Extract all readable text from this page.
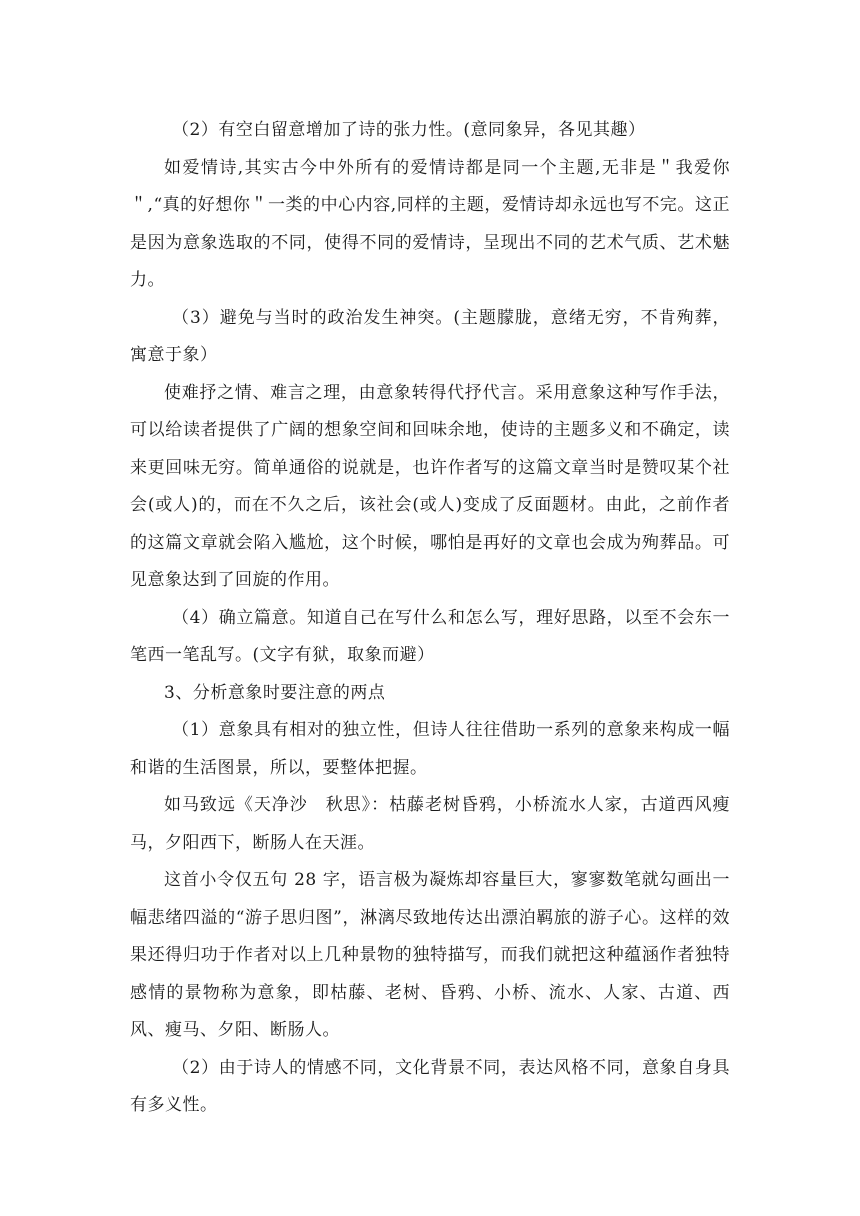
（2）有空白留意增加了诗的张力性。(意同象异，各见其趣）

如爱情诗,其实古今中外所有的爱情诗都是同一个主题,无非是＂我爱你＂,“真的好想你＂一类的中心内容,同样的主题，爱情诗却永远也写不完。这正是因为意象选取的不同，使得不同的爱情诗，呈现出不同的艺术气质、艺术魅力。

（3）避免与当时的政治发生神突。(主题朦胧，意绪无穷，不肯殉葬，寓意于象）

使难抒之情、难言之理，由意象转得代抒代言。采用意象这种写作手法，可以给读者提供了广阔的想象空间和回味余地，使诗的主题多义和不确定，读来更回味无穷。简单通俗的说就是，也许作者写的这篇文章当时是赞叹某个社会(或人)的，而在不久之后，该社会(或人)变成了反面题材。由此，之前作者的这篇文章就会陷入尴尬，这个时候，哪怕是再好的文章也会成为殉葬品。可见意象达到了回旋的作用。

（4）确立篇意。知道自己在写什么和怎么写，理好思路，以至不会东一笔西一笔乱写。(文字有狱，取象而避）

3、分析意象时要注意的两点

（1）意象具有相对的独立性，但诗人往往借助一系列的意象来构成一幅和谐的生活图景，所以，要整体把握。

如马致远《天净沙　秋思》：枯藤老树昏鸦，小桥流水人家，古道西风瘦马，夕阳西下，断肠人在天涯。

这首小令仅五句 28 字，语言极为凝炼却容量巨大，寥寥数笔就勾画出一幅悲绪四溢的“游子思归图”，淋漓尽致地传达出漂泊羁旅的游子心。这样的效果还得归功于作者对以上几种景物的独特描写，而我们就把这种蕴涵作者独特感情的景物称为意象，即枯藤、老树、昏鸦、小桥、流水、人家、古道、西风、瘦马、夕阳、断肠人。

（2）由于诗人的情感不同，文化背景不同，表达风格不同，意象自身具有多义性。
